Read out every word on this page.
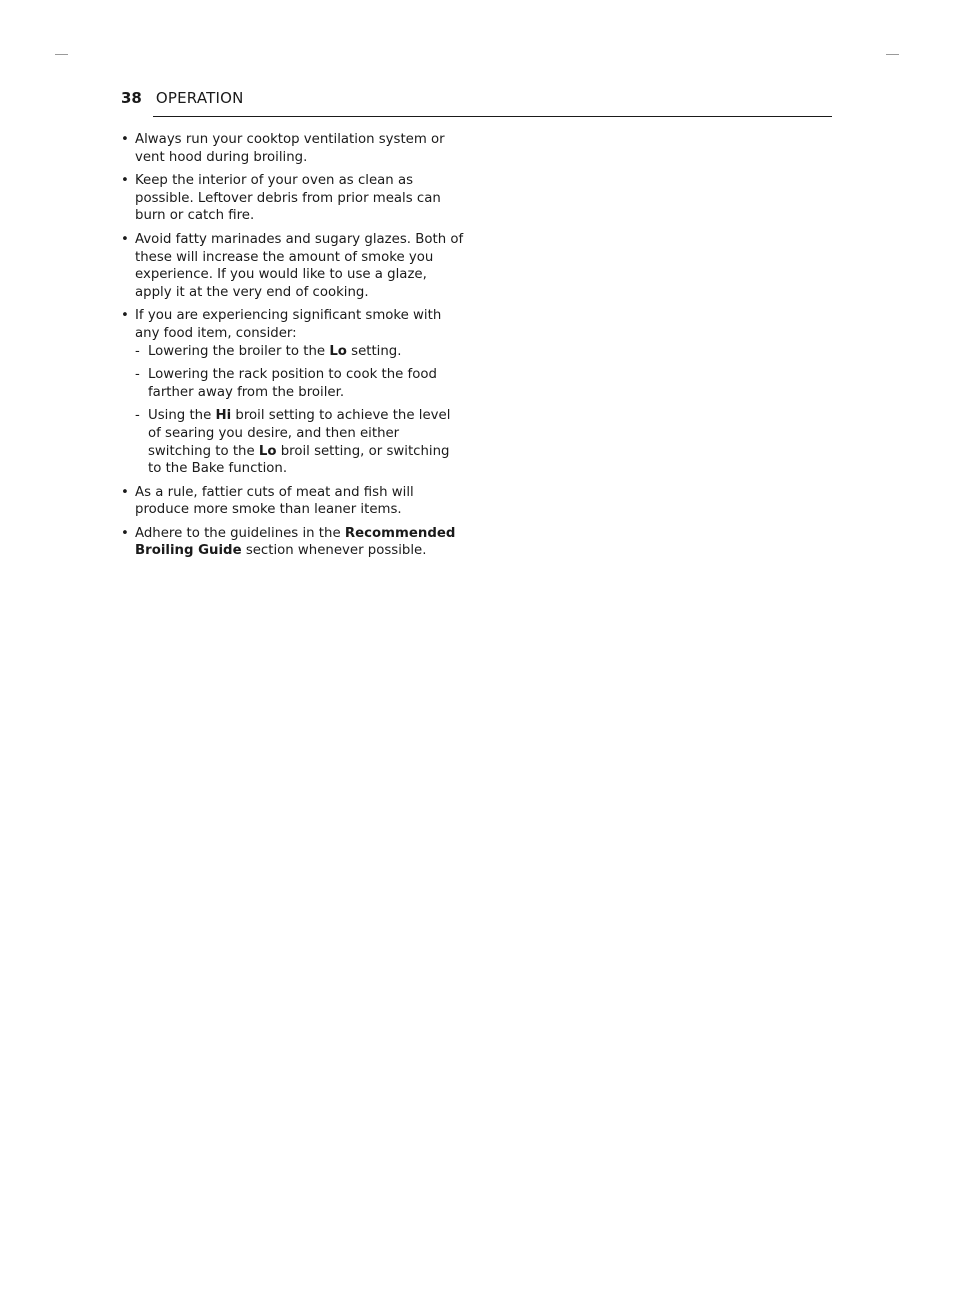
38 OPERATION
• Always run your cooktop ventilation system or vent hood during broiling.
• Keep the interior of your oven as clean as possible. Leftover debris from prior meals can burn or catch fire.
• Avoid fatty marinades and sugary glazes. Both of these will increase the amount of smoke you experience. If you would like to use a glaze, apply it at the very end of cooking.
• If you are experiencing significant smoke with any food item, consider:
- Lowering the broiler to the Lo setting.
- Lowering the rack position to cook the food farther away from the broiler.
- Using the Hi broil setting to achieve the level of searing you desire, and then either switching to the Lo broil setting, or switching to the Bake function.
• As a rule, fattier cuts of meat and fish will produce more smoke than leaner items.
• Adhere to the guidelines in the Recommended Broiling Guide section whenever possible.
